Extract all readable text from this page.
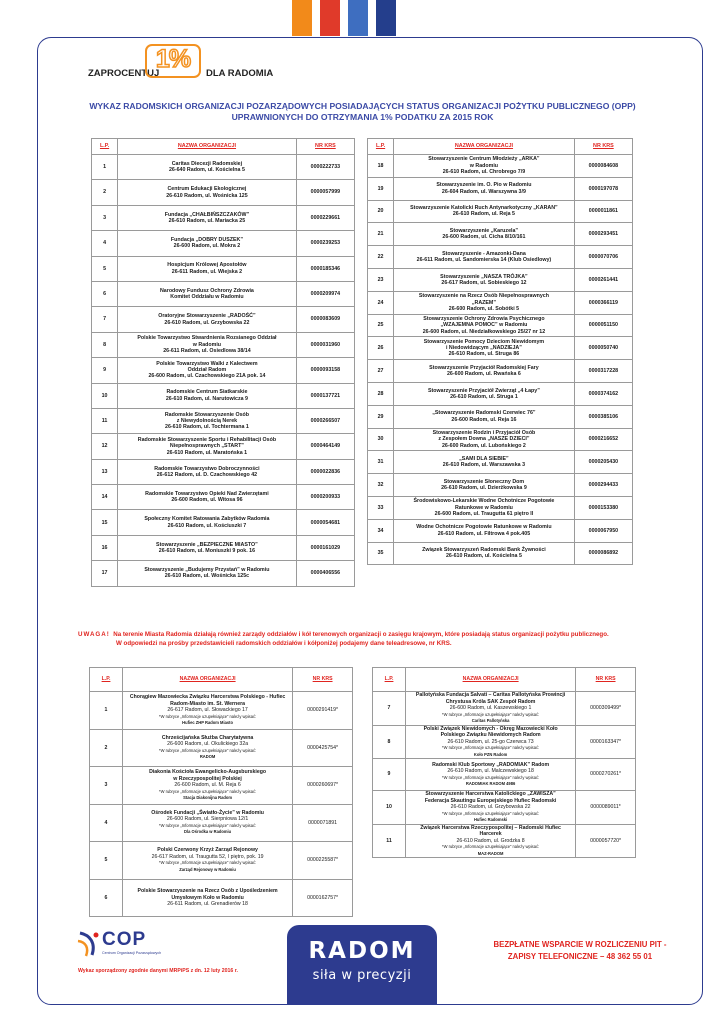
ZAPROCENTUJ
1%
DLA RADOMIA
WYKAZ RADOMSKICH ORGANIZACJI POZARZĄDOWYCH POSIADAJĄCYCH STATUS ORGANIZACJI POŻYTKU PUBLICZNEGO (OPP)
UPRAWNIONYCH DO OTRZYMANIA 1% PODATKU ZA 2015 ROK
L.P.	NAZWA ORGANIZACJI	NR KRS
1	Caritas Diecezji Radomskiej
26-640 Radom, ul. Kościelna 5	0000222733
2	Centrum Edukacji Ekologicznej
26-610 Radom, ul. Wośnicka 125	0000057999
3	Fundacja „CHAŁBIŃSZCZAKÓW”
26-610 Radom, ul. Mariacka 25	0000229661
4	Fundacja „DOBRY DUSZEK”
26-600 Radom, ul. Mokra 2	0000239253
5	Hospicjum Królowej Apostołów
26-611 Radom, ul. Wiejska 2	0000185346
6	Narodowy Fundusz Ochrony Zdrowia
Komitet Oddziału w Radomiu	0000209974
7	Oratoryjne Stowarzyszenie „RADOŚĆ”
26-610 Radom, ul. Grzybowska 22	0000083609
8	Polskie Towarzystwo Stwardnienia Rozsianego Oddział
w Radomiu
26-611 Radom, ul. Osiedlowa 38/14	0000031960
9	Polskie Towarzystwo Walki z Kalectwem
Oddział Radom
26-600 Radom, ul. Czachowskiego 21A pok. 14	0000093158
10	Radomskie Centrum Siatkarskie
26-610 Radom, ul. Narutowicza 9	0000137721
11	Radomskie Stowarzyszenie Osób
z Niewydolnością Nerek
26-610 Radom, ul. Tochtermana 1	0000266507
12	Radomskie Stowarzyszenie Sportu i Rehabilitacji Osób
Niepełnosprawnych „START”
26-610 Radom, ul. Maratońska 1	0000464149
13	Radomskie Towarzystwo Dobroczynności
26-612 Radom, ul. D. Czachowskiego 42	0000022836
14	Radomskie Towarzystwo Opieki Nad Zwierzętami
26-600 Radom, ul. Witosa 96	0000200933
15	Społeczny Komitet Ratowania Zabytków Radomia
26-610 Radom, ul. Kościuszki 7	0000054681
16	Stowarzyszenie „BEZPIECZNE MIASTO”
26-610 Radom, ul. Moniuszki 9 pok. 16	0000161029
17	Stowarzyszenie „Budujemy Przystań” w Radomiu
26-610 Radom, ul. Wośnicka 125c	0000406556
L.P.	NAZWA ORGANIZACJI	NR KRS
18	Stowarzyszenie Centrum Młodzieży „ARKA”
w Radomiu
26-610 Radom, ul. Chrobrego 7/9	0000084608
19	Stowarzyszenie im. O. Pio w Radomiu
26-604 Radom, ul. Warszywna 3/9	0000197078
20	Stowarzyszenie Katolicki Ruch Antynarkotyczny „KARAN”
26-610 Radom, ul. Reja 5	0000011861
21	Stowarzyszenie „Karuzela”
26-600 Radom, ul. Cicha 8/10/161	0000293451
22	Stowarzyszenie - Amazonki-Dana
26-611 Radom, ul. Sandomierska 14 (Klub Osiedlowy)	0000070706
23	Stowarzyszenie „NASZA TRÓJKA”
26-617 Radom, ul. Sobieskiego 12	0000261441
24	Stowarzyszenie na Rzecz Osób Niepełnosprawnych
„RAZEM”
26-600 Radom, ul. Sobótki 5	0000366119
25	Stowarzyszenie Ochrony Zdrowia Psychicznego
„WZAJEMNA POMOC” w Radomiu
26-600 Radom, ul. Niedziałkowskiego 25/27 nr 12	0000051150
26	Stowarzyszenie Pomocy Dzieciom Niewidomym
i Niedowidzącym „NADZIEJA”
26-610 Radom, ul. Struga 86	0000050740
27	Stowarzyszenie Przyjaciół Radomskiej Fary
26-600 Radom, ul. Rwańska 6	0000317228
28	Stowarzyszenie Przyjaciół Zwierząt „4 Łapy”
26-610 Radom, ul. Struga 1	0000374162
29	„Stowarzyszenie Radomski Czerwiec 76”
26-600 Radom, ul. Reja 16	0000385106
30	Stowarzyszenie Rodzin i Przyjaciół Osób
z Zespołem Downa „NASZE DZIECI”
26-600 Radom, ul. Lubońskiego 2	0000216652
31	„SAMI DLA SIEBIE”
26-610 Radom, ul. Warszawska 3	0000205430
32	Stowarzyszenie Słoneczny Dom
26-610 Radom, ul. Dzierżkowska 9	0000294433
33	Środowiskowo-Lekarskie Wodne Ochotnicze Pogotowie
Ratunkowe w Radomiu
26-600 Radom, ul. Traugutta 61 piętro II	0000153380
34	Wodne Ochotnicze Pogotowie Ratunkowe w Radomiu
26-610 Radom, ul. Filtrowa 4 pok.405	0000067950
35	Związek Stowarzyszeń Radomski Bank Żywności
26-610 Radom, ul. Kościelna 5	0000086892
UWAGA! Na terenie Miasta Radomia działają również zarządy oddziałów i kół terenowych organizacji o zasięgu krajowym, które posiadają status organizacji pożytku publicznego.
W odpowiedzi na prośby przedstawicieli radomskich oddziałów i kółponiżej podajemy dane teleadresowe, nr KRS.
L.P.	NAZWA ORGANIZACJI	NR KRS
1	Chorągiew Mazowiecka Związku Harcerstwa Polskiego - Hufiec
Radom-Miasto im. St. Wernera
26-617 Radom, ul. Słowackiego 17
*W rubryce „Informacje uzupełniające” należy wpisać:
Hufiec ZHP Radom Miasto	0000291419*
2	Chrześcijańska Służba Charytatywna
26-600 Radom, ul. Okulickiego 32a
*W rubryce „Informacje uzupełniające” należy wpisać:
RADOM	0000425754*
3	Diakonia Kościoła Ewangelicko-Augsburskiego
w Rzeczypospolitej Polskiej
26-600 Radom, ul. M. Reja 6
*W rubryce „Informacje uzupełniające” należy wpisać:
Stacja Diakonijna Radom	0000260697*
4	Ośrodek Fundacji „Światło-Życie” w Radomiu
26-600 Radom, ul. Sierpniowa 12/1
*W rubryce „Informacje uzupełniające” należy wpisać:
Dla Ośrodka w Radomiu	0000071891
5	Polski Czerwony Krzyż Zarząd Rejonowy
26-617 Radom, ul. Traugutta 52, I piętro, pok. 19
*W rubryce „Informacje uzupełniające” należy wpisać:
Zarząd Rejonowy w Radomiu	0000225587*
6	Polskie Stowarzyszenie na Rzecz Osób z Upośledzeniem
Umysłowym Koło w Radomiu
26-611 Radom, ul. Grenadierów 18	0000162757*
L.P.	NAZWA ORGANIZACJI	NR KRS
7	Pallotyńska Fundacja Salvati – Caritas Pallotyńska Prowincji
Chrystusa Króla SAK Zespół Radom
26-600 Radom, ul. Kaszewskiego 1
*W rubryce „Informacje uzupełniające” należy wpisać:
Caritas Pallotyńska	0000309499*
8	Polski Związek Niewidomych - Okręg Mazowiecki Koło
Polskiego Związku Niewidomych Radom
26-610 Radom, ul. 25-go Czerwca 73
*W rubryce „Informacje uzupełniające” należy wpisać:
Koło PZN Radom	0000163347*
9	Radomski Klub Sportowy „RADOMIAK” Radom
26-610 Radom, ul. Malczewskiego 18
*W rubryce „Informacje uzupełniające” należy wpisać:
RADOMIAK RADOM 4986	0000270261*
10	Stowarzyszenie Harcerstwa Katolickiego „ZAWISZA”
Federacja Skautingu Europejskiego Hufiec Radomski
26-610 Radom, ul. Grzybowska 22
*W rubryce „Informacje uzupełniające” należy wpisać:
Hufiec Radomski	0000089011*
11	Związek Harcerstwa Rzeczypospolitej – Radomski Hufiec
Harcerek
26-610 Radom, ul. Grodzka 8
*W rubryce „Informacje uzupełniające” należy wpisać:
MAZ-RADOM	0000057720*
COP
Centrum Organizacji Pozarządowych
Wykaz sporządzony zgodnie danymi MRPiPS z dn. 12 luty 2016 r.
RADOM
siła w precyzji
BEZPŁATNE WSPARCIE W ROZLICZENIU PIT -
ZAPISY TELEFONICZNE – 48 362 55 01
